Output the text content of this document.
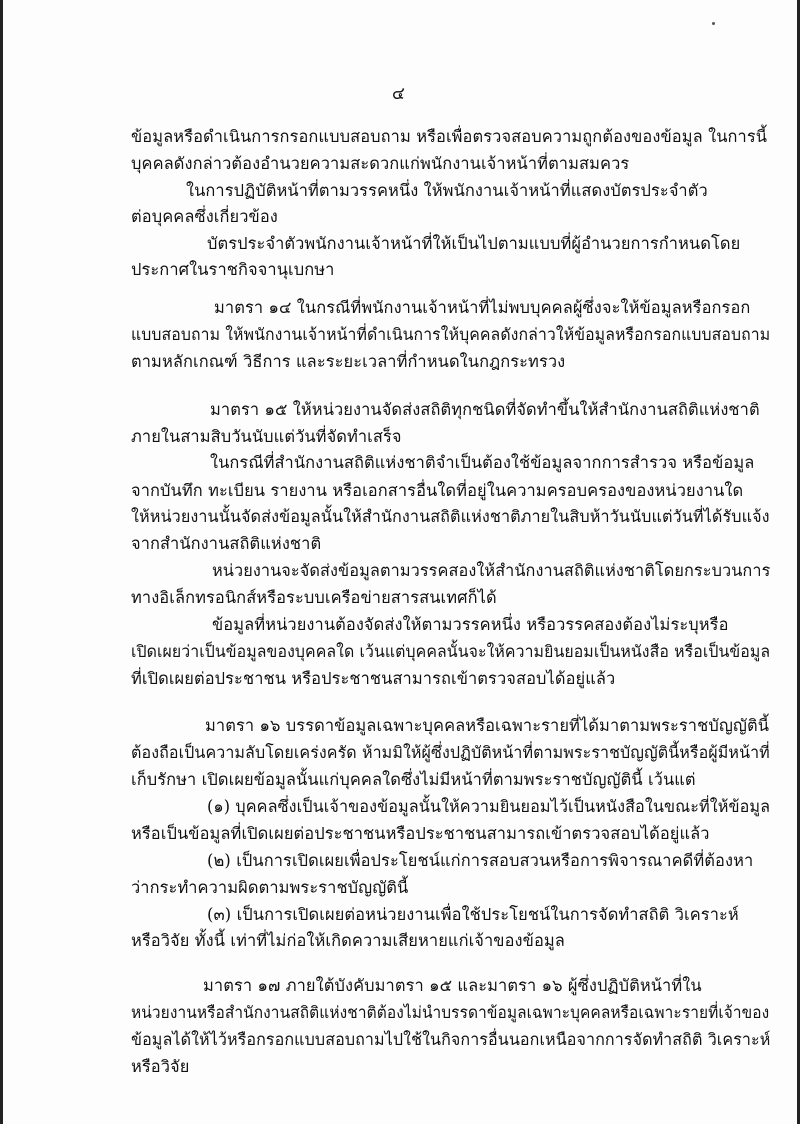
๔
ข้อมูลหรือดำเนินการกรอกแบบสอบถาม หรือเพื่อตรวจสอบความถูกต้องของข้อมูล ในการนี้
บุคคลดังกล่าวต้องอำนวยความสะดวกแก่พนักงานเจ้าหน้าที่ตามสมควร
ในการปฏิบัติหน้าที่ตามวรรคหนึ่ง ให้พนักงานเจ้าหน้าที่แสดงบัตรประจำตัว
ต่อบุคคลซึ่งเกี่ยวข้อง
บัตรประจำตัวพนักงานเจ้าหน้าที่ให้เป็นไปตามแบบที่ผู้อำนวยการกำหนดโดย
ประกาศในราชกิจจานุเบกษา
มาตรา ๑๔ ในกรณีที่พนักงานเจ้าหน้าที่ไม่พบบุคคลผู้ซึ่งจะให้ข้อมูลหรือกรอก
แบบสอบถาม ให้พนักงานเจ้าหน้าที่ดำเนินการให้บุคคลดังกล่าวให้ข้อมูลหรือกรอกแบบสอบถาม
ตามหลักเกณฑ์ วิธีการ และระยะเวลาที่กำหนดในกฎกระทรวง
มาตรา ๑๕ ให้หน่วยงานจัดส่งสถิติทุกชนิดที่จัดทำขึ้นให้สำนักงานสถิติแห่งชาติ
ภายในสามสิบวันนับแต่วันที่จัดทำเสร็จ
ในกรณีที่สำนักงานสถิติแห่งชาติจำเป็นต้องใช้ข้อมูลจากการสำรวจ หรือข้อมูล
จากบันทึก ทะเบียน รายงาน หรือเอกสารอื่นใดที่อยู่ในความครอบครองของหน่วยงานใด
ให้หน่วยงานนั้นจัดส่งข้อมูลนั้นให้สำนักงานสถิติแห่งชาติภายในสิบห้าวันนับแต่วันที่ได้รับแจ้ง
จากสำนักงานสถิติแห่งชาติ
หน่วยงานจะจัดส่งข้อมูลตามวรรคสองให้สำนักงานสถิติแห่งชาติโดยกระบวนการ
ทางอิเล็กทรอนิกส์หรือระบบเครือข่ายสารสนเทศก็ได้
ข้อมูลที่หน่วยงานต้องจัดส่งให้ตามวรรคหนึ่ง หรือวรรคสองต้องไม่ระบุหรือ
เปิดเผยว่าเป็นข้อมูลของบุคคลใด เว้นแต่บุคคลนั้นจะให้ความยินยอมเป็นหนังสือ หรือเป็นข้อมูล
ที่เปิดเผยต่อประชาชน หรือประชาชนสามารถเข้าตรวจสอบได้อยู่แล้ว
มาตรา ๑๖ บรรดาข้อมูลเฉพาะบุคคลหรือเฉพาะรายที่ได้มาตามพระราชบัญญัตินี้
ต้องถือเป็นความลับโดยเคร่งครัด ห้ามมิให้ผู้ซึ่งปฏิบัติหน้าที่ตามพระราชบัญญัตินี้หรือผู้มีหน้าที่
เก็บรักษา เปิดเผยข้อมูลนั้นแก่บุคคลใดซึ่งไม่มีหน้าที่ตามพระราชบัญญัตินี้ เว้นแต่
(๑) บุคคลซึ่งเป็นเจ้าของข้อมูลนั้นให้ความยินยอมไว้เป็นหนังสือในขณะที่ให้ข้อมูล
หรือเป็นข้อมูลที่เปิดเผยต่อประชาชนหรือประชาชนสามารถเข้าตรวจสอบได้อยู่แล้ว
(๒) เป็นการเปิดเผยเพื่อประโยชน์แก่การสอบสวนหรือการพิจารณาคดีที่ต้องหา
ว่ากระทำความผิดตามพระราชบัญญัตินี้
(๓) เป็นการเปิดเผยต่อหน่วยงานเพื่อใช้ประโยชน์ในการจัดทำสถิติ วิเคราะห์
หรือวิจัย ทั้งนี้ เท่าที่ไม่ก่อให้เกิดความเสียหายแก่เจ้าของข้อมูล
มาตรา ๑๗ ภายใต้บังคับมาตรา ๑๕ และมาตรา ๑๖ ผู้ซึ่งปฏิบัติหน้าที่ใน
หน่วยงานหรือสำนักงานสถิติแห่งชาติต้องไม่นำบรรดาข้อมูลเฉพาะบุคคลหรือเฉพาะรายที่เจ้าของ
ข้อมูลได้ให้ไว้หรือกรอกแบบสอบถามไปใช้ในกิจการอื่นนอกเหนือจากการจัดทำสถิติ วิเคราะห์
หรือวิจัย
